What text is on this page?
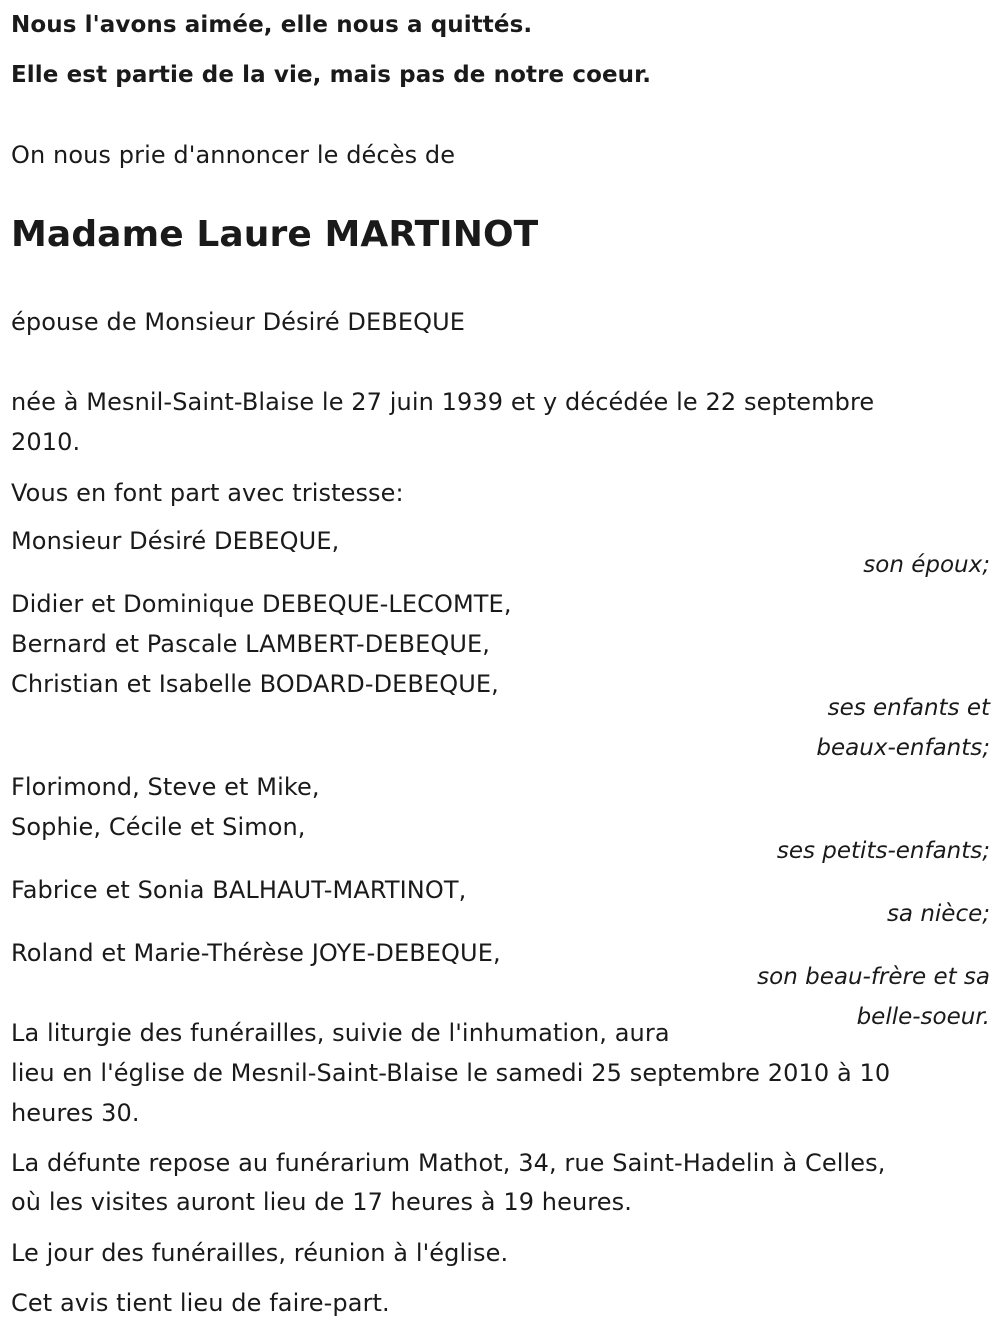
Nous l'avons aimée, elle nous a quittés.

Elle est partie de la vie, mais pas de notre coeur.

On nous prie d'annoncer le décès de

Madame Laure MARTINOT

épouse de Monsieur Désiré DEBEQUE

née à Mesnil-Saint-Blaise le 27 juin 1939 et y décédée le 22 septembre

2010.

Vous en font part avec tristesse:

Monsieur Désiré DEBEQUE,

son époux;

Didier et Dominique DEBEQUE-LECOMTE,

Bernard et Pascale LAMBERT-DEBEQUE,

Christian et Isabelle BODARD-DEBEQUE,

ses enfants et

beaux-enfants;

Florimond, Steve et Mike,

Sophie, Cécile et Simon,

ses petits-enfants;

Fabrice et Sonia BALHAUT-MARTINOT,

sa nièce;

Roland et Marie-Thérèse JOYE-DEBEQUE,

son beau-frère et sa

belle-soeur.

La liturgie des funérailles, suivie de l'inhumation, aura

lieu en l'église de Mesnil-Saint-Blaise le samedi 25 septembre 2010 à 10

heures 30.

La défunte repose au funérarium Mathot, 34, rue Saint-Hadelin à Celles,

où les visites auront lieu de 17 heures à 19 heures.

Le jour des funérailles, réunion à l'église.

Cet avis tient lieu de faire-part.
